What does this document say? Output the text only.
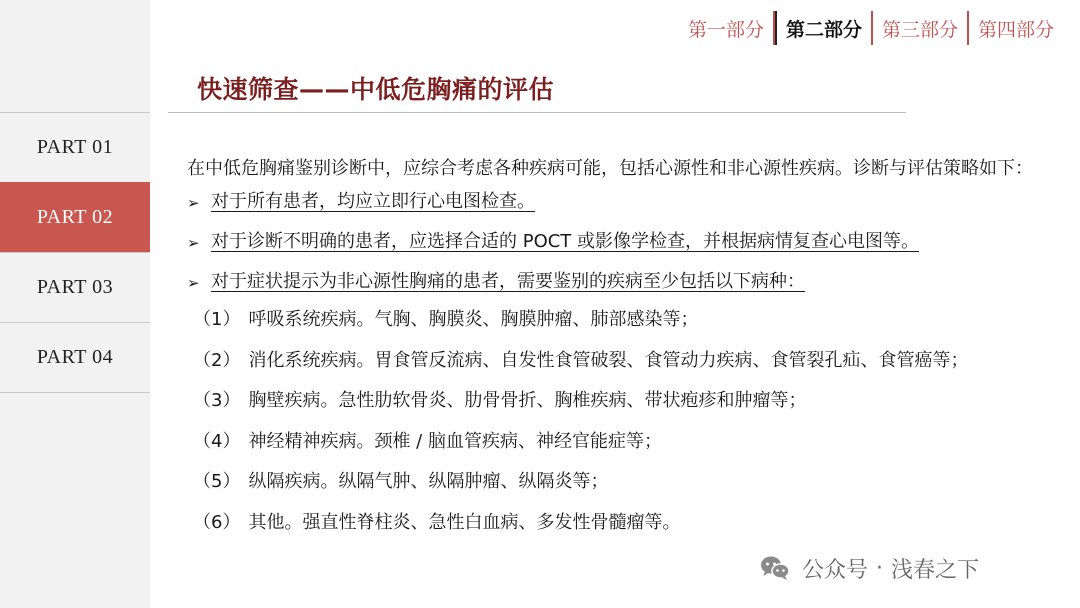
PART 01
PART 02
PART 03
PART 04
第一部分	第二部分	第三部分	第四部分
快速筛查——中低危胸痛的评估

在中低危胸痛鉴别诊断中，应综合考虑各种疾病可能，包括心源性和非心源性疾病。诊断与评估策略如下：

➢ 对于所有患者，均应立即行心电图检查。
➢ 对于诊断不明确的患者，应选择合适的 POCT 或影像学检查，并根据病情复查心电图等。
➢ 对于症状提示为非心源性胸痛的患者，需要鉴别的疾病至少包括以下病种：
（1） 呼吸系统疾病。气胸、胸膜炎、胸膜肿瘤、肺部感染等；
（2） 消化系统疾病。胃食管反流病、自发性食管破裂、食管动力疾病、食管裂孔疝、食管癌等；
（3） 胸壁疾病。急性肋软骨炎、肋骨骨折、胸椎疾病、带状疱疹和肿瘤等；
（4） 神经精神疾病。颈椎 / 脑血管疾病、神经官能症等；
（5） 纵隔疾病。纵隔气肿、纵隔肿瘤、纵隔炎等；
（6） 其他。强直性脊柱炎、急性白血病、多发性骨髓瘤等。
公众号 · 浅春之下
